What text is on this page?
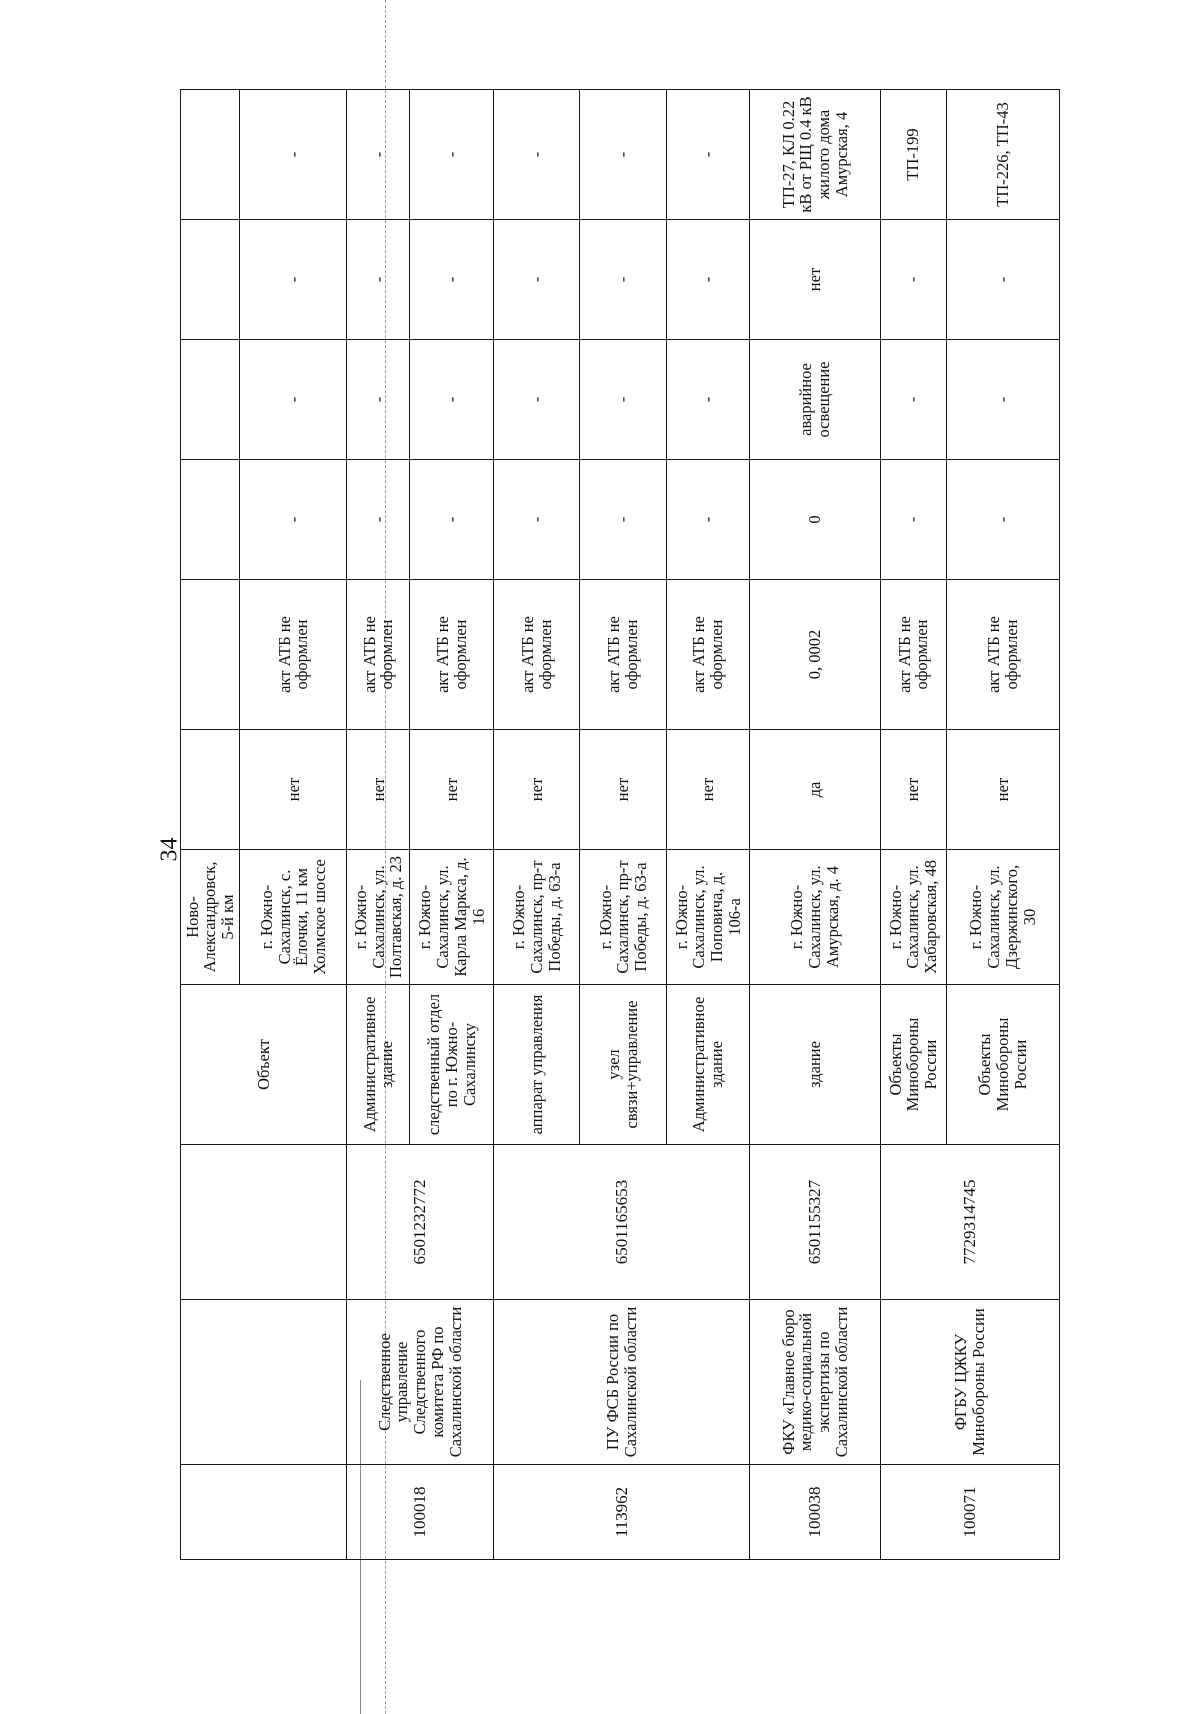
34
			Объект	Ново-Александровск, 5-й км						
				г. Южно-Сахалинск, с. Ёлочки, 11 км Холмское шоссе	нет	акт АТБ не оформлен	-	-	-	-
100018	Следственное управление Следственного комитета РФ по Сахалинской области	6501232772	Административное здание	г. Южно-Сахалинск, ул. Полтавская, д. 23	нет	акт АТБ не оформлен	-	-	-	-
			следственный отдел по г. Южно-Сахалинску	г. Южно-Сахалинск, ул. Карла Маркса, д. 16	нет	акт АТБ не оформлен	-	-	-	-
113962	ПУ ФСБ России по Сахалинской области	6501165653	аппарат управления	г. Южно-Сахалинск, пр-т Победы, д. 63-а	нет	акт АТБ не оформлен	-	-	-	-
			узел связи+управление	г. Южно-Сахалинск, пр-т Победы, д. 63-а	нет	акт АТБ не оформлен	-	-	-	-
			Административное здание	г. Южно-Сахалинск, ул. Поповича, д. 106-а	нет	акт АТБ не оформлен	-	-	-	-
100038	ФКУ «Главное бюро медико-социальной экспертизы по Сахалинской области	6501155327	здание	г. Южно-Сахалинск, ул. Амурская, д. 4	да	0, 0002	0	аварийное освещение	нет	ТП-27, КЛ 0.22 кВ от РЩ 0.4 кВ жилого дома Амурская, 4
100071	ФГБУ ЦЖКУ Минобороны России	7729314745	Объекты Минобороны России	г. Южно-Сахалинск, ул. Хабаровская, 48	нет	акт АТБ не оформлен	-	-	-	ТП-199
			Объекты Минобороны России	г. Южно-Сахалинск, ул. Дзержинского, 30	нет	акт АТБ не оформлен	-	-	-	ТП-226, ТП-43
